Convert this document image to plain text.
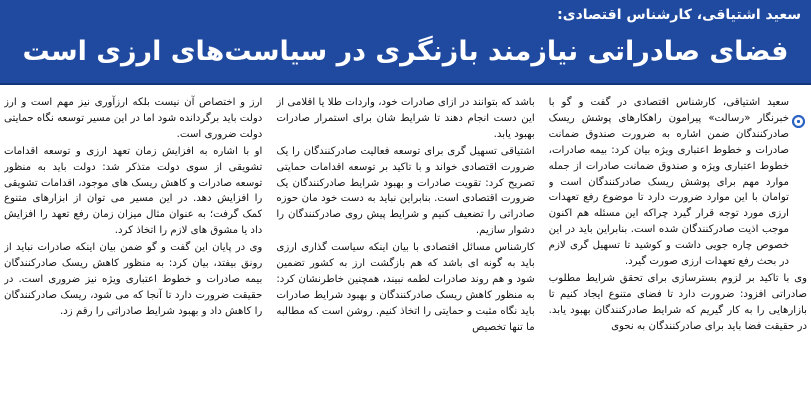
سعید اشتیاقی، کارشناس اقتصادی:
فضای صادراتی نیازمند بازنگری در سیاست‌های ارزی است

سعید اشتیاقی، کارشناس اقتصادی در گفت و گو با خبرنگار «رسالت» پیرامون راهکارهای پوشش ریسک صادرکنندگان ضمن اشاره به ضرورت صندوق ضمانت صادرات و خطوط اعتباری ویژه بیان کرد: بیمه صادرات، خطوط اعتباری ویژه و صندوق ضمانت صادرات از جمله موارد مهم برای پوشش ریسک صادرکنندگان است و توامان با این موارد ضرورت دارد تا موضوع رفع تعهدات ارزی مورد توجه قرار گیرد چراکه این مسئله هم اکنون موجب اذیت صادرکنندگان شده است. بنابراین باید در این خصوص چاره جویی داشت و کوشید تا تسهیل گری لازم در بحث رفع تعهدات ارزی صورت گیرد.

وی با تاکید بر لزوم بسترسازی برای تحقق شرایط مطلوب صادراتی افزود: ضرورت دارد تا فضای متنوع ایجاد کنیم تا بازارهایی را به کار گیریم که شرایط صادرکنندگان بهبود یابد. در حقیقت فضا باید برای صادرکنندگان به نحوی

باشد که بتوانند در ازای صادرات خود، واردات طلا یا اقلامی از این دست انجام دهند تا شرایط شان برای استمرار صادرات بهبود یابد.

اشتیاقی تسهیل گری برای توسعه فعالیت صادرکنندگان را یک ضرورت اقتصادی خواند و با تاکید بر توسعه اقدامات حمایتی تصریح کرد: تقویت صادرات و بهبود شرایط صادرکنندگان یک ضرورت اقتصادی است. بنابراین نباید به دست خود مان حوزه صادراتی را تضعیف کنیم و شرایط پیش روی صادرکنندگان را دشوار سازیم.

کارشناس مسائل اقتصادی با بیان اینکه سیاست گذاری ارزی باید به گونه ای باشد که هم بازگشت ارز به کشور تضمین شود و هم روند صادرات لطمه نبیند، همچنین خاطرنشان کرد: به منظور کاهش ریسک صادرکنندگان و بهبود شرایط صادرات باید نگاه مثبت و حمایتی را اتخاذ کنیم. روشن است که مطالبه ما تنها تخصیص

ارز و اختصاص آن نیست بلکه ارزآوری نیز مهم است و ارز دولت باید برگردانده شود اما در این مسیر توسعه نگاه حمایتی دولت ضروری است.

او با اشاره به افزایش زمان تعهد ارزی و توسعه اقدامات تشویقی از سوی دولت متذکر شد: دولت باید به منظور توسعه صادرات و کاهش ریسک های موجود، اقدامات تشویقی را افزایش دهد. در این مسیر می توان از ابزارهای متنوع کمک گرفت؛ به عنوان مثال میزان زمان رفع تعهد را افزایش داد یا مشوق های لازم را اتخاذ کرد.

وی در پایان این گفت و گو ضمن بیان اینکه صادرات نباید از رونق بیفتد، بیان کرد: به منظور کاهش ریسک صادرکنندگان بیمه صادرات و خطوط اعتباری ویژه نیز ضروری است. در حقیقت ضرورت دارد تا آنجا که می شود، ریسک صادرکنندگان را کاهش داد و بهبود شرایط صادراتی را رقم زد.
